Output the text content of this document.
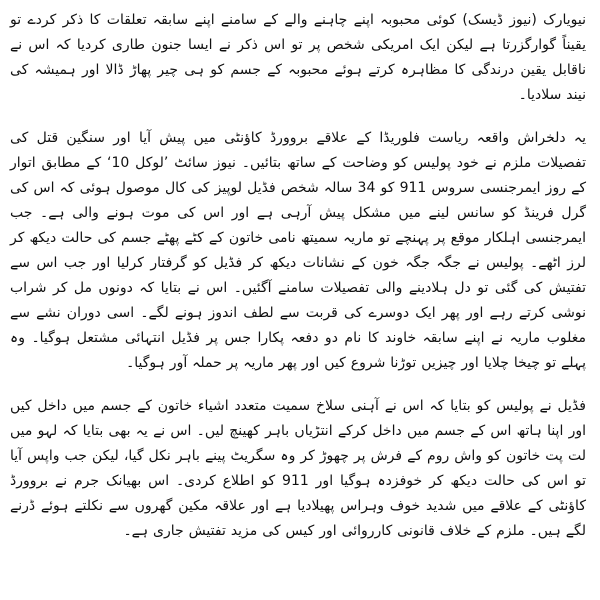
نیویارک (نیوز ڈیسک) کوئی محبوبہ اپنے چاہنے والے کے سامنے اپنے سابقہ تعلقات کا ذکر کردے تو یقیناً گوارگزرتا ہے لیکن ایک امریکی شخص پر تو اس ذکر نے ایسا جنون طاری کردیا کہ اس نے ناقابل یقین درندگی کا مظاہرہ کرتے ہوئے محبوبہ کے جسم کو ہی چیر پھاڑ ڈالا اور ہمیشہ کی نیند سلادیا۔

یہ دلخراش واقعہ ریاست فلوریڈا کے علاقے بروورڈ کاؤنٹی میں پیش آیا اور سنگین قتل کی تفصیلات ملزم نے خود پولیس کو وضاحت کے ساتھ بتائیں۔ نیوز سائٹ ’لوکل 10‘ کے مطابق اتوار کے روز ایمرجنسی سروس 911 کو 34 سالہ شخص فڈیل لوپیز کی کال موصول ہوئی کہ اس کی گرل فرینڈ کو سانس لینے میں مشکل پیش آرہی ہے اور اس کی موت ہونے والی ہے۔ جب ایمرجنسی اہلکار موقع پر پہنچے تو ماریہ سمیتھ نامی خاتون کے کٹے پھٹے جسم کی حالت دیکھ کر لرز اٹھے۔ پولیس نے جگہ جگہ خون کے نشانات دیکھ کر فڈیل کو گرفتار کرلیا اور جب اس سے تفتیش کی گئی تو دل ہلادینے والی تفصیلات سامنے آگئیں۔ اس نے بتایا کہ دونوں مل کر شراب نوشی کرتے رہے اور پھر ایک دوسرے کی قربت سے لطف اندوز ہونے لگے۔ اسی دوران نشے سے مغلوب ماریہ نے اپنے سابقہ خاوند کا نام دو دفعہ پکارا جس پر فڈیل انتہائی مشتعل ہوگیا۔ وہ پہلے تو چیخا چلایا اور چیزیں توڑنا شروع کیں اور پھر ماریہ پر حملہ آور ہوگیا۔

فڈیل نے پولیس کو بتایا کہ اس نے آہنی سلاخ سمیت متعدد اشیاء خاتون کے جسم میں داخل کیں اور اپنا ہاتھ اس کے جسم میں داخل کرکے انتڑیاں باہر کھینچ لیں۔ اس نے یہ بھی بتایا کہ لہو میں لت پت خاتون کو واش روم کے فرش پر چھوڑ کر وہ سگریٹ پینے باہر نکل گیا، لیکن جب واپس آیا تو اس کی حالت دیکھ کر خوفزدہ ہوگیا اور 911 کو اطلاع کردی۔ اس بھیانک جرم نے بروورڈ کاؤنٹی کے علاقے میں شدید خوف وہراس پھیلادیا ہے اور علاقہ مکین گھروں سے نکلتے ہوئے ڈرنے لگے ہیں۔ ملزم کے خلاف قانونی کارروائی اور کیس کی مزید تفتیش جاری ہے۔
